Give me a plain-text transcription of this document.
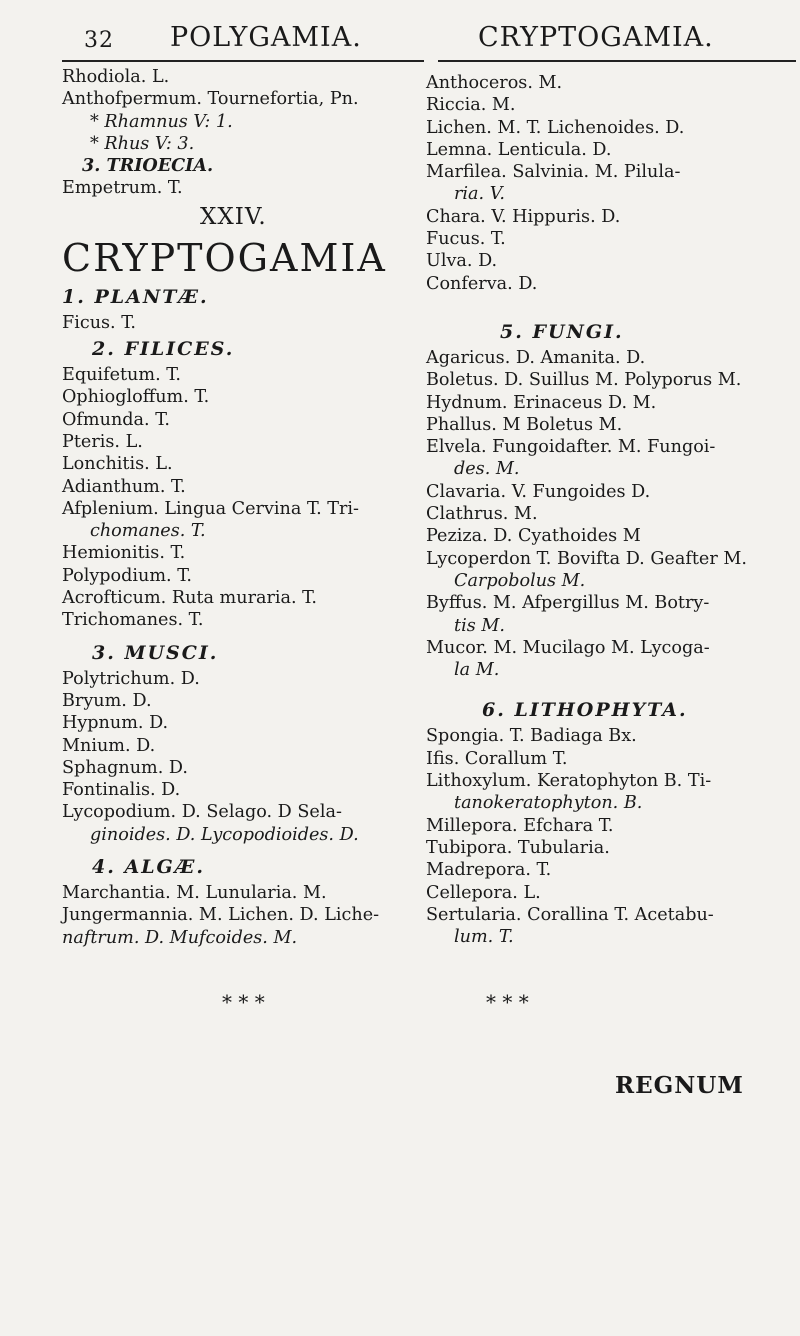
32 POLYGAMIA.	CRYPTOGAMIA.
Rhodiola. L.
Anthofpermum. Tournefortia, Pn.
* Rhamnus V: 1.
* Rhus V: 3.
3. TRIOECIA.
Empetrum. T.
XXIV.
CRYPTOGAMIA
1. PLANTÆ.
Ficus. T.
2. FILICES.
Equifetum. T.
Ophiogloffum. T.
Ofmunda. T.
Pteris. L.
Lonchitis. L.
Adianthum. T.
Afplenium. Lingua Cervina T. Tri-
chomanes. T.
Hemionitis. T.
Polypodium. T.
Acrofticum. Ruta muraria. T.
Trichomanes. T.
3. MUSCI.
Polytrichum. D.
Bryum. D.
Hypnum. D.
Mnium. D.
Sphagnum. D.
Fontinalis. D.
Lycopodium. D. Selago. D Sela-
ginoides. D. Lycopodioides. D.
4. ALGÆ.
Marchantia. M. Lunularia. M.
Jungermannia. M. Lichen. D. Liche-
naftrum. D. Mufcoides. M.
Anthoceros. M.
Riccia. M.
Lichen. M. T. Lichenoides. D.
Lemna. Lenticula. D.
Marfilea. Salvinia. M. Pilula-
ria. V.
Chara. V. Hippuris. D.
Fucus. T.
Ulva. D.
Conferva. D.
5. FUNGI.
Agaricus. D. Amanita. D.
Boletus. D. Suillus M. Polyporus M.
Hydnum. Erinaceus D. M.
Phallus. M Boletus M.
Elvela. Fungoidafter. M. Fungoi-
des. M.
Clavaria. V. Fungoides D.
Clathrus. M.
Peziza. D. Cyathoides M
Lycoperdon T. Bovifta D. Geafter M.
Carpobolus M.
Byffus. M. Afpergillus M. Botry-
tis M.
Mucor. M. Mucilago M. Lycoga-
la M.
6. LITHOPHYTA.
Spongia. T. Badiaga Bx.
Ifis. Corallum T.
Lithoxylum. Keratophyton B. Ti-
tanokeratophyton. B.
Millepora. Efchara T.
Tubipora. Tubularia.
Madrepora. T.
Cellepora. L.
Sertularia. Corallina T. Acetabu-
lum. T.
* * *	* * *
REGNUM
